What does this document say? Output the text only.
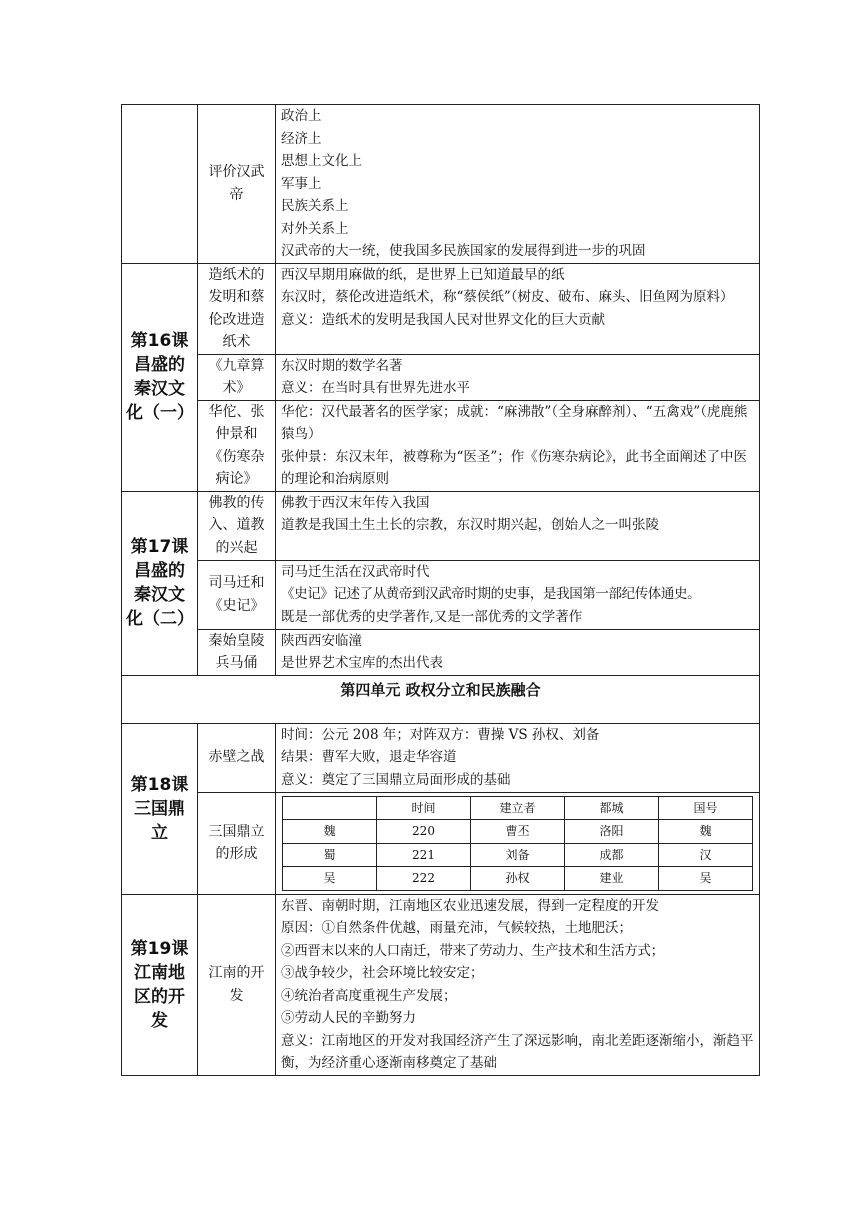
	评价汉武帝	
政治上
经济上
思想上文化上
军事上
民族关系上
对外关系上
汉武帝的大一统，使我国多民族国家的发展得到进一步的巩固

第16课昌盛的秦汉文化（一）	造纸术的发明和蔡伦改进造纸术	
西汉早期用麻做的纸，是世界上已知道最早的纸
东汉时，蔡伦改进造纸术，称“蔡侯纸”（树皮、破布、麻头、旧鱼网为原料）
意义：造纸术的发明是我国人民对世界文化的巨大贡献

《九章算术》	
东汉时期的数学名著
意义：在当时具有世界先进水平

华佗、张仲景和《伤寒杂病论》	
华佗：汉代最著名的医学家；成就：“麻沸散”（全身麻醉剂）、“五禽戏”（虎鹿熊猿鸟）
张仲景：东汉末年，被尊称为“医圣”；作《伤寒杂病论》，此书全面阐述了中医的理论和治病原则

第17课昌盛的秦汉文化（二）	佛教的传入、道教的兴起	
佛教于西汉末年传入我国
道教是我国土生土长的宗教，东汉时期兴起，创始人之一叫张陵

司马迁和《史记》	
司马迁生活在汉武帝时代
《史记》记述了从黄帝到汉武帝时期的史事，是我国第一部纪传体通史。
既是一部优秀的史学著作,又是一部优秀的文学著作

秦始皇陵兵马俑	
陕西西安临潼
是世界艺术宝库的杰出代表

第四单元 政权分立和民族融合
第18课三国鼎立	赤壁之战	
时间：公元 208 年；对阵双方：曹操 VS 孙权、刘备
结果：曹军大败，退走华容道
意义：奠定了三国鼎立局面形成的基础

三国鼎立的形成	
	时间	建立者	都城	国号
魏	220	曹丕	洛阳	魏
蜀	221	刘备	成都	汉
吴	222	孙权	建业	吴

第19课江南地区的开发	江南的开发	
东晋、南朝时期，江南地区农业迅速发展，得到一定程度的开发
原因：①自然条件优越，雨量充沛，气候较热，土地肥沃；
②西晋末以来的人口南迁，带来了劳动力、生产技术和生活方式；
③战争较少，社会环境比较安定；
④统治者高度重视生产发展；
⑤劳动人民的辛勤努力
意义：江南地区的开发对我国经济产生了深远影响，南北差距逐渐缩小，渐趋平衡，为经济重心逐渐南移奠定了基础
